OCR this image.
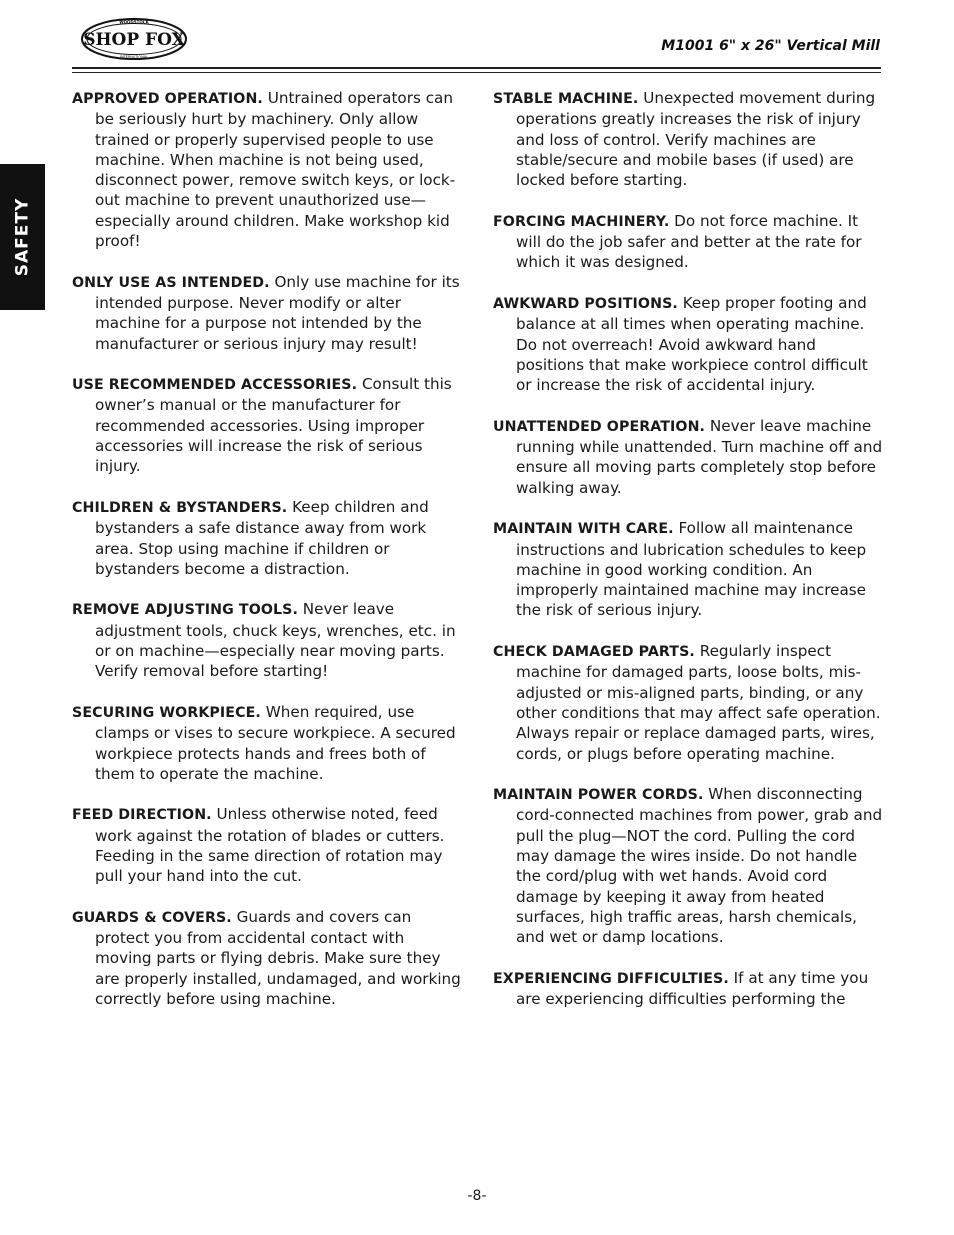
SHOP FOX
WOODSTOCK
INTERNATIONAL
M1001 6" x 26" Vertical Mill
SAFETY

APPROVED OPERATION. Untrained operators can be seriously hurt by machinery. Only allow trained or properly supervised people to use machine. When machine is not being used, disconnect power, remove switch keys, or lock-out machine to prevent unauthorized use—especially around children. Make workshop kid proof!

ONLY USE AS INTENDED. Only use machine for its intended purpose. Never modify or alter machine for a purpose not intended by the manufacturer or serious injury may result!

USE RECOMMENDED ACCESSORIES. Consult this owner’s manual or the manufacturer for recommended accessories. Using improper accessories will increase the risk of serious injury.

CHILDREN & BYSTANDERS. Keep children and bystanders a safe distance away from work area. Stop using machine if children or bystanders become a distraction.

REMOVE ADJUSTING TOOLS. Never leave adjustment tools, chuck keys, wrenches, etc. in or on machine—especially near moving parts. Verify removal before starting!

SECURING WORKPIECE. When required, use clamps or vises to secure workpiece. A secured workpiece protects hands and frees both of them to operate the machine.

FEED DIRECTION. Unless otherwise noted, feed work against the rotation of blades or cutters. Feeding in the same direction of rotation may pull your hand into the cut.

GUARDS & COVERS. Guards and covers can protect you from accidental contact with moving parts or flying debris. Make sure they are properly installed, undamaged, and working correctly before using machine.

STABLE MACHINE. Unexpected movement during operations greatly increases the risk of injury and loss of control. Verify machines are stable/secure and mobile bases (if used) are locked before starting.

FORCING MACHINERY. Do not force machine. It will do the job safer and better at the rate for which it was designed.

AWKWARD POSITIONS. Keep proper footing and balance at all times when operating machine. Do not overreach! Avoid awkward hand positions that make workpiece control difficult or increase the risk of accidental injury.

UNATTENDED OPERATION. Never leave machine running while unattended. Turn machine off and ensure all moving parts completely stop before walking away.

MAINTAIN WITH CARE. Follow all maintenance instructions and lubrication schedules to keep machine in good working condition. An improperly maintained machine may increase the risk of serious injury.

CHECK DAMAGED PARTS. Regularly inspect machine for damaged parts, loose bolts, mis-adjusted or mis-aligned parts, binding, or any other conditions that may affect safe operation. Always repair or replace damaged parts, wires, cords, or plugs before operating machine.

MAINTAIN POWER CORDS. When disconnecting cord-connected machines from power, grab and pull the plug—NOT the cord. Pulling the cord may damage the wires inside. Do not handle the cord/plug with wet hands. Avoid cord damage by keeping it away from heated surfaces, high traffic areas, harsh chemicals, and wet or damp locations.

EXPERIENCING DIFFICULTIES. If at any time you are experiencing difficulties performing the

-8-
